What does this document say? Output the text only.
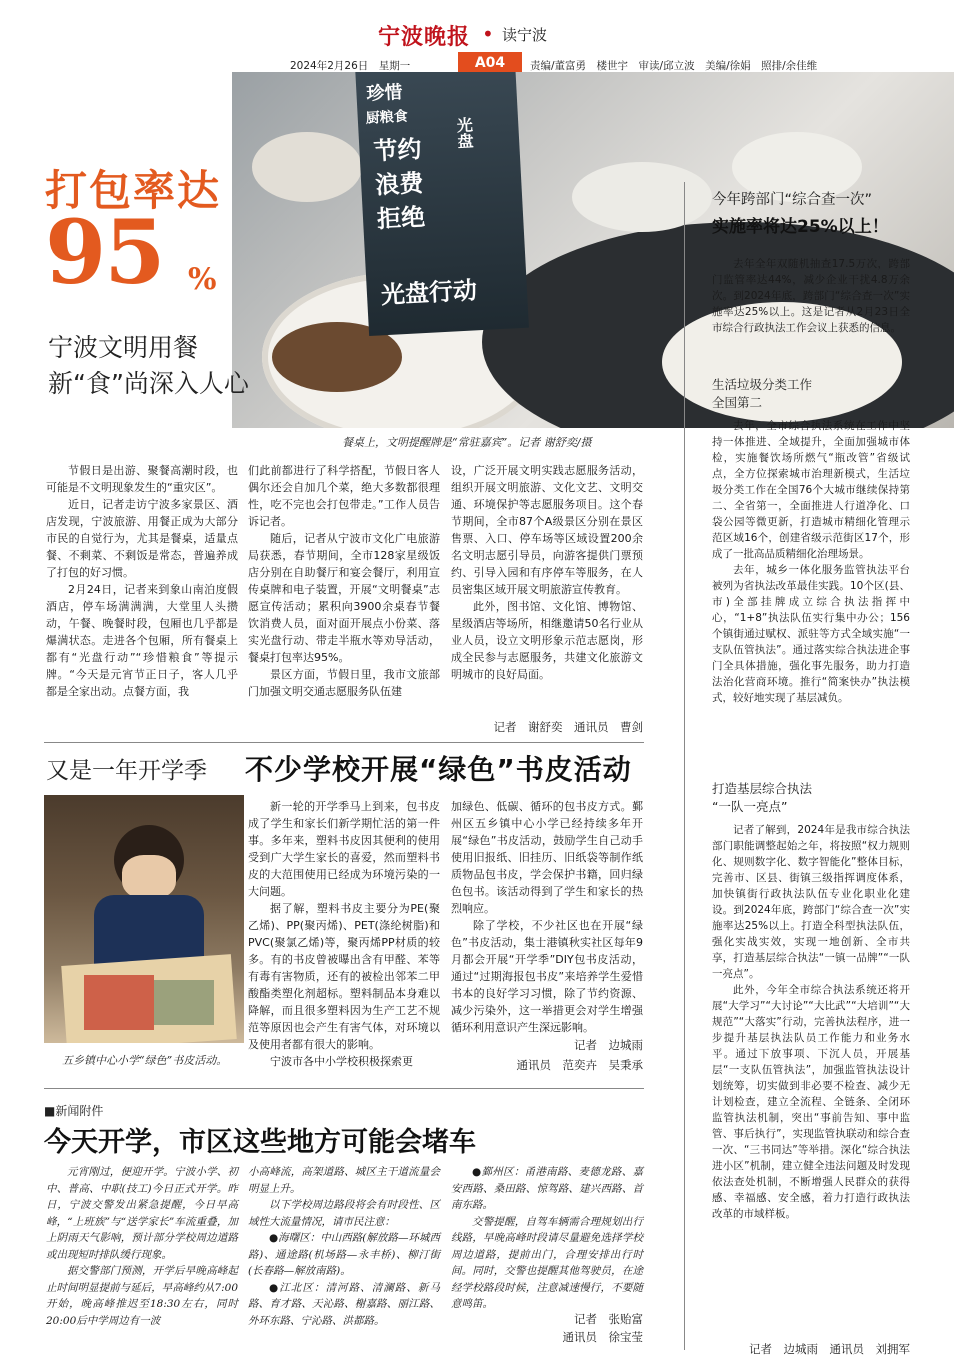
宁波晚报 • 读宁波
2024年2月26日　星期一	A04	责编/董富勇　楼世宇　审读/邱立波　美编/徐娟　照排/余佳维
珍惜
厨粮食
节约
光盘
浪费
拒绝
光盘行动
打包率达
95 %
宁波文明用餐
新“食”尚深入人心
餐桌上，文明提醒牌是“常驻嘉宾”。记者 谢舒奕/摄

节假日是出游、聚餐高潮时段，也可能是不文明现象发生的“重灾区”。

近日，记者走访宁波多家景区、酒店发现，宁波旅游、用餐正成为大部分市民的自觉行为，尤其是餐桌，适量点餐、不剩菜、不剩饭是常态，普遍养成了打包的好习惯。

2月24日，记者来到象山南泊度假酒店，停车场满满满，大堂里人头攒动，午餐、晚餐时段，包厢也几乎都是爆满状态。走进各个包厢，所有餐桌上都有“光盘行动”“珍惜粮食”等提示牌。“今天是元宵节正日子，客人几乎都是全家出动。点餐方面，我

们此前都进行了科学搭配，节假日客人偶尔还会自加几个菜，绝大多数都很理性，吃不完也会打包带走。”工作人员告诉记者。

随后，记者从宁波市文化广电旅游局获悉，春节期间，全市128家星级饭店分别在自助餐厅和宴会餐厅，利用宣传桌牌和电子装置，开展“文明餐桌”志愿宣传活动；累积向3900余桌春节餐饮消费人员，面对面开展点小份菜、落实光盘行动、带走半瓶水等劝导活动，餐桌打包率达95%。

景区方面，节假日里，我市文旅部门加强文明交通志愿服务队伍建

设，广泛开展文明实践志愿服务活动，组织开展文明旅游、文化文艺、文明交通、环境保护等志愿服务项目。这个春节期间，全市87个A级景区分别在景区售票、入口、停车场等区域设置200余名文明志愿引导员，向游客提供门票预约、引导入园和有序停车等服务，在人员密集区域开展文明旅游宣传教育。

此外，图书馆、文化馆、博物馆、星级酒店等场所，相继邀请50名行业从业人员，设立文明形象示范志愿岗，形成全民参与志愿服务，共建文化旅游文明城市的良好局面。

记者　谢舒奕　通讯员　曹剑
又是一年开学季 不少学校开展“绿色”书皮活动
五乡镇中心小学“绿色”书皮活动。

新一轮的开学季马上到来，包书皮成了学生和家长们新学期忙活的第一件事。多年来，塑料书皮因其便利的使用受到广大学生家长的喜爱，然而塑料书皮的大范围使用已经成为环境污染的一大问题。

据了解，塑料书皮主要分为PE(聚乙烯)、PP(聚丙烯)、PET(涤纶树脂)和PVC(聚氯乙烯)等，聚丙烯PP材质的较多。有的书皮曾被曝出含有甲醛、苯等有毒有害物质，还有的被检出邻苯二甲酸酯类塑化剂超标。塑料制品本身难以降解，而且很多塑料因为生产工艺不规范等原因也会产生有害气体，对环境以及使用者都有很大的影响。

宁波市各中小学校积极探索更

加绿色、低碳、循环的包书皮方式。鄞州区五乡镇中心小学已经持续多年开展“绿色”书皮活动，鼓励学生自己动手使用旧报纸、旧挂历、旧纸袋等制作纸质物品包书皮，学会保护书籍，回归绿色包书。该活动得到了学生和家长的热烈响应。

除了学校，不少社区也在开展“绿色”书皮活动，集士港镇秋实社区每年9月都会开展“开学季”DIY包书皮活动，通过“过期海报包书皮”来培养学生爱惜书本的良好学习习惯，除了节约资源、减少污染外，这一举措更会对学生增强循环利用意识产生深远影响。

记者　边城雨
通讯员　范奕卉　吴秉承
■新闻附件
今天开学，市区这些地方可能会堵车

元宵刚过，便迎开学。宁波小学、初中、普高、中职(技工)今日正式开学。昨日，宁波交警发出紧急提醒，今日早高峰，“上班族”与“送学家长”车流重叠，加上阴雨天气影响，预计部分学校周边道路或出现短时排队缓行现象。

据交警部门预测，开学后早晚高峰起止时间明显提前与延后，早高峰约从7:00开始，晚高峰推迟至18:30左右，同时20:00后中学周边有一波

小高峰流，高架道路、城区主干道流量会明显上升。

以下学校周边路段将会有时段性、区域性大流量情况，请市民注意：

●海曙区：中山西路(解放路—环城西路)、通途路(机场路—永丰桥)、柳汀街(长春路—解放南路)。

●江北区：清河路、清澜路、新马路、育才路、天沁路、榭嘉路、丽江路、外环东路、宁沁路、洪都路。

●鄞州区：甬港南路、麦德龙路、嘉安西路、桑田路、惊驾路、建兴西路、首南东路。

交警提醒，自驾车辆需合理规划出行线路，早晚高峰时段请尽量避免选择学校周边道路，提前出门，合理安排出行时间。同时，交警也提醒其他驾驶员，在途经学校路段时候，注意减速慢行，不要随意鸣笛。

记者　张贻富
通讯员　徐宝莹
今年跨部门“综合查一次”
实施率将达25%以上！

去年全年双随机抽查17.5万次，跨部门监管率达44%，减少企业干扰4.8万余次。到2024年底，跨部门“综合查一次”实施率达25%以上。这是记者从2月23日全市综合行政执法工作会议上获悉的信息。

生活垃圾分类工作
全国第二

去年，全市综合执法系统在工作中坚持一体推进、全域提升，全面加强城市体检，实施餐饮场所燃气“瓶改管”省级试点，全方位探索城市治理新模式，生活垃圾分类工作在全国76个大城市继续保持第二、全省第一，全面推进人行道净化、口袋公园等微更新，打造城市精细化管理示范区域16个，创建省级示范街区17个，形成了一批高品质精细化治理场景。

去年，城乡一体化服务监管执法平台被列为省执法改革最佳实践。10个区(县、市)全部挂牌成立综合执法指挥中心，“1+8”执法队伍实行集中办公；156个镇街通过赋权、派驻等方式全域实施“一支队伍管执法”。通过落实综合执法进企事门全具体措施，强化事先服务，助力打造法治化营商环境。推行“简案快办”执法模式，较好地实现了基层减负。

打造基层综合执法
“一队一亮点”

记者了解到，2024年是我市综合执法部门职能调整起始之年，将按照“权力规则化、规则数字化、数字智能化”整体目标，完善市、区县、街镇三级指挥调度体系，加快镇街行政执法队伍专业化职业化建设。到2024年底，跨部门“综合查一次”实施率达25%以上。打造全科型执法队伍，强化实战实效，实现一地创新、全市共享，打造基层综合执法“一镇一品牌”“一队一亮点”。

此外，今年全市综合执法系统还将开展“大学习”“大讨论”“大比武”“大培训”“大规范”“大落实”行动，完善执法程序，进一步提升基层执法队员工作能力和业务水平。通过下放事项、下沉人员，开展基层“一支队伍管执法”，加强监管执法设计划统筹，切实做到非必要不检查、减少无计划检查，建立全流程、全链条、全闭环监管执法机制，突出“事前告知、事中监管、事后执行”，实现监管执联动和综合查一次、“三书同达”等举措。深化“综合执法进小区”机制，建立健全违法问题及时发现依法查处机制，不断增强人民群众的获得感、幸福感、安全感，着力打造行政执法改革的市域样板。

记者　边城雨　通讯员　刘拥军
